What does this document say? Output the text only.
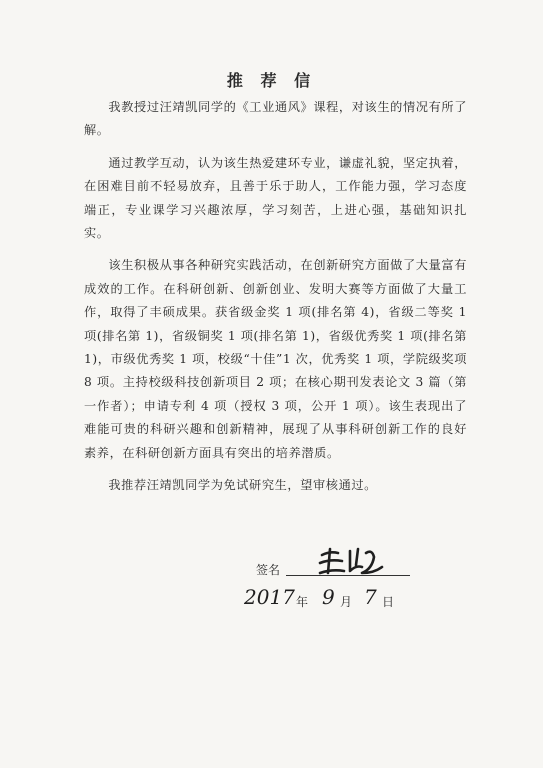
推 荐 信

我教授过汪靖凯同学的《工业通风》课程，对该生的情况有所了解。

通过教学互动，认为该生热爱建环专业，谦虚礼貌，坚定执着，在困难目前不轻易放弃，且善于乐于助人，工作能力强，学习态度端正，专业课学习兴趣浓厚，学习刻苦，上进心强，基础知识扎实。

该生积极从事各种研究实践活动，在创新研究方面做了大量富有成效的工作。在科研创新、创新创业、发明大赛等方面做了大量工作，取得了丰硕成果。获省级金奖 1 项(排名第 4)，省级二等奖 1 项(排名第 1)，省级铜奖 1 项(排名第 1)，省级优秀奖 1 项(排名第 1)，市级优秀奖 1 项，校级“十佳”1 次，优秀奖 1 项，学院级奖项 8 项。主持校级科技创新项目 2 项；在核心期刊发表论文 3 篇（第一作者）；申请专利 4 项（授权 3 项，公开 1 项）。该生表现出了难能可贵的科研兴趣和创新精神，展现了从事科研创新工作的良好素养，在科研创新方面具有突出的培养潜质。

我推荐汪靖凯同学为免试研究生，望审核通过。

签名
2017 年 9 月 7 日
